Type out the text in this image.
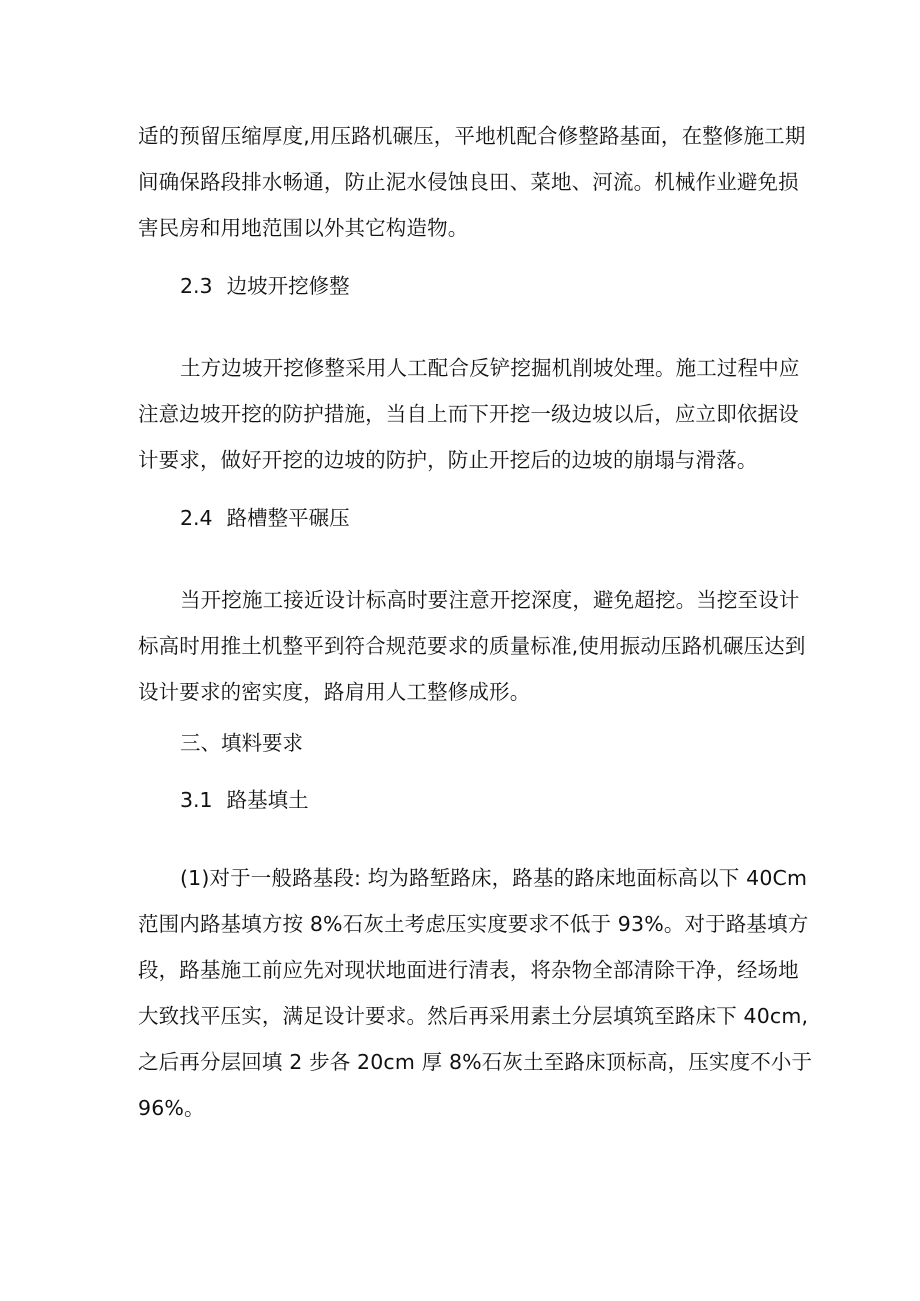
适的预留压缩厚度,用压路机碾压，平地机配合修整路基面，在整修施工期
间确保路段排水畅通，防止泥水侵蚀良田、菜地、河流。机械作业避免损
害民房和用地范围以外其它构造物。
2.3 边坡开挖修整
土方边坡开挖修整采用人工配合反铲挖掘机削坡处理。施工过程中应
注意边坡开挖的防护措施，当自上而下开挖一级边坡以后，应立即依据设
计要求，做好开挖的边坡的防护，防止开挖后的边坡的崩塌与滑落。
2.4 路槽整平碾压
当开挖施工接近设计标高时要注意开挖深度，避免超挖。当挖至设计
标高时用推土机整平到符合规范要求的质量标准,使用振动压路机碾压达到
设计要求的密实度，路肩用人工整修成形。
三、填料要求
3.1 路基填土
(1)对于一般路基段: 均为路堑路床，路基的路床地面标高以下 40Cm
范围内路基填方按 8%石灰土考虑压实度要求不低于 93%。对于路基填方
段，路基施工前应先对现状地面进行清表，将杂物全部清除干净，经场地
大致找平压实，满足设计要求。然后再采用素土分层填筑至路床下 40cm,
之后再分层回填 2 步各 20cm 厚 8%石灰土至路床顶标高，压实度不小于
96%。
